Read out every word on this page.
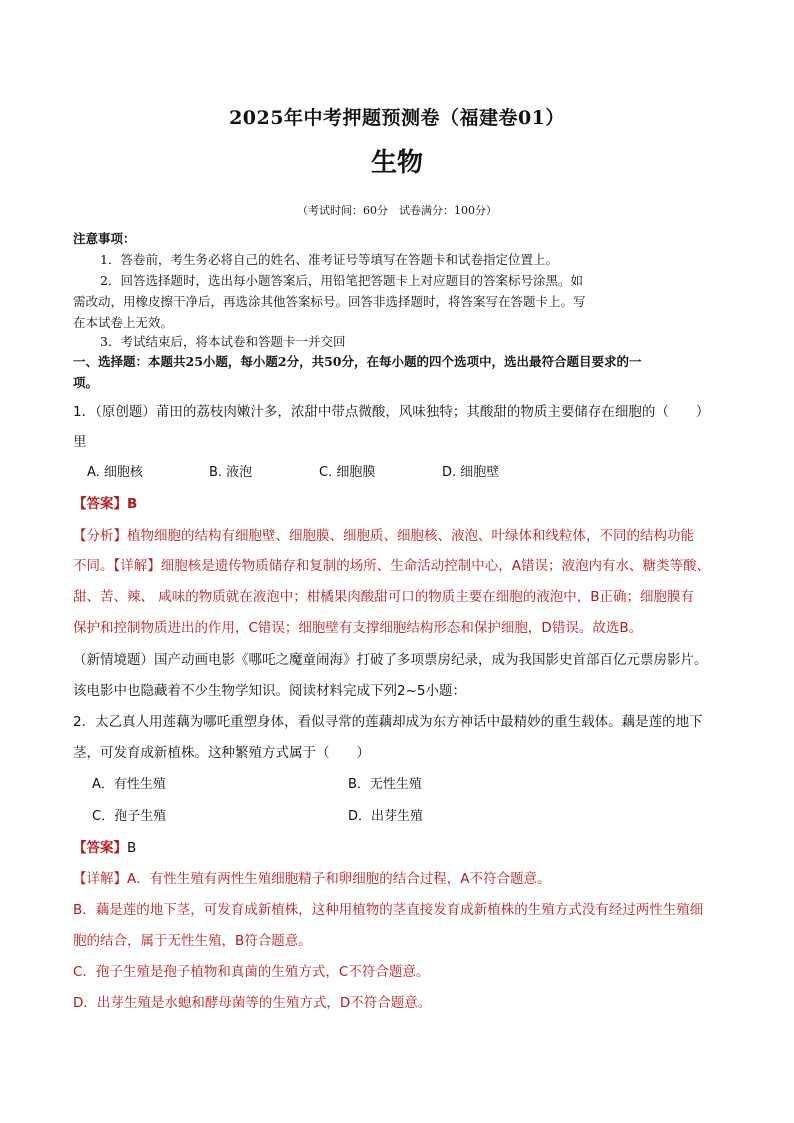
2025年中考押题预测卷（福建卷01）
生物
（考试时间：60分　试卷满分：100分）
注意事项：
1．答卷前，考生务必将自己的姓名、准考证号等填写在答题卡和试卷指定位置上。
2．回答选择题时，选出每小题答案后，用铅笔把答题卡上对应题目的答案标号涂黑。如
需改动，用橡皮擦干净后，再选涂其他答案标号。回答非选择题时，将答案写在答题卡上。写
在本试卷上无效。
3．考试结束后，将本试卷和答题卡一并交回
一、选择题：本题共25小题，每小题2分，共50分，在每小题的四个选项中，选出最符合题目要求的一
项。
1．（原创题）莆田的荔枝肉嫩汁多，浓甜中带点微酸，风味独特；其酸甜的物质主要储存在细胞的（　　）
里
A. 细胞核	B. 液泡	C. 细胞膜	D. 细胞壁
【答案】B
【分析】植物细胞的结构有细胞壁、细胞膜、细胞质、细胞核、液泡、叶绿体和线粒体，不同的结构功能
不同。【详解】细胞核是遗传物质储存和复制的场所、生命活动控制中心，A错误；液泡内有水、糖类等酸、
甜、苦、辣、 咸味的物质就在液泡中；柑橘果肉酸甜可口的物质主要在细胞的液泡中，B正确；细胞膜有
保护和控制物质进出的作用，C错误；细胞壁有支撑细胞结构形态和保护细胞，D错误。故选B。
（新情境题）国产动画电影《哪吒之魔童闹海》打破了多项票房纪录，成为我国影史首部百亿元票房影片。
该电影中也隐藏着不少生物学知识。阅读材料完成下列2~5小题：
2．太乙真人用莲藕为哪吒重塑身体，看似寻常的莲藕却成为东方神话中最精妙的重生载体。藕是莲的地下
茎，可发育成新植株。这种繁殖方式属于（　　）
A．有性生殖	B．无性生殖
C．孢子生殖	D．出芽生殖
【答案】B
【详解】A．有性生殖有两性生殖细胞精子和卵细胞的结合过程，A不符合题意。
B．藕是莲的地下茎，可发育成新植株，这种用植物的茎直接发育成新植株的生殖方式没有经过两性生殖细
胞的结合，属于无性生殖，B符合题意。
C．孢子生殖是孢子植物和真菌的生殖方式，C不符合题意。
D．出芽生殖是水螅和酵母菌等的生殖方式，D不符合题意。
